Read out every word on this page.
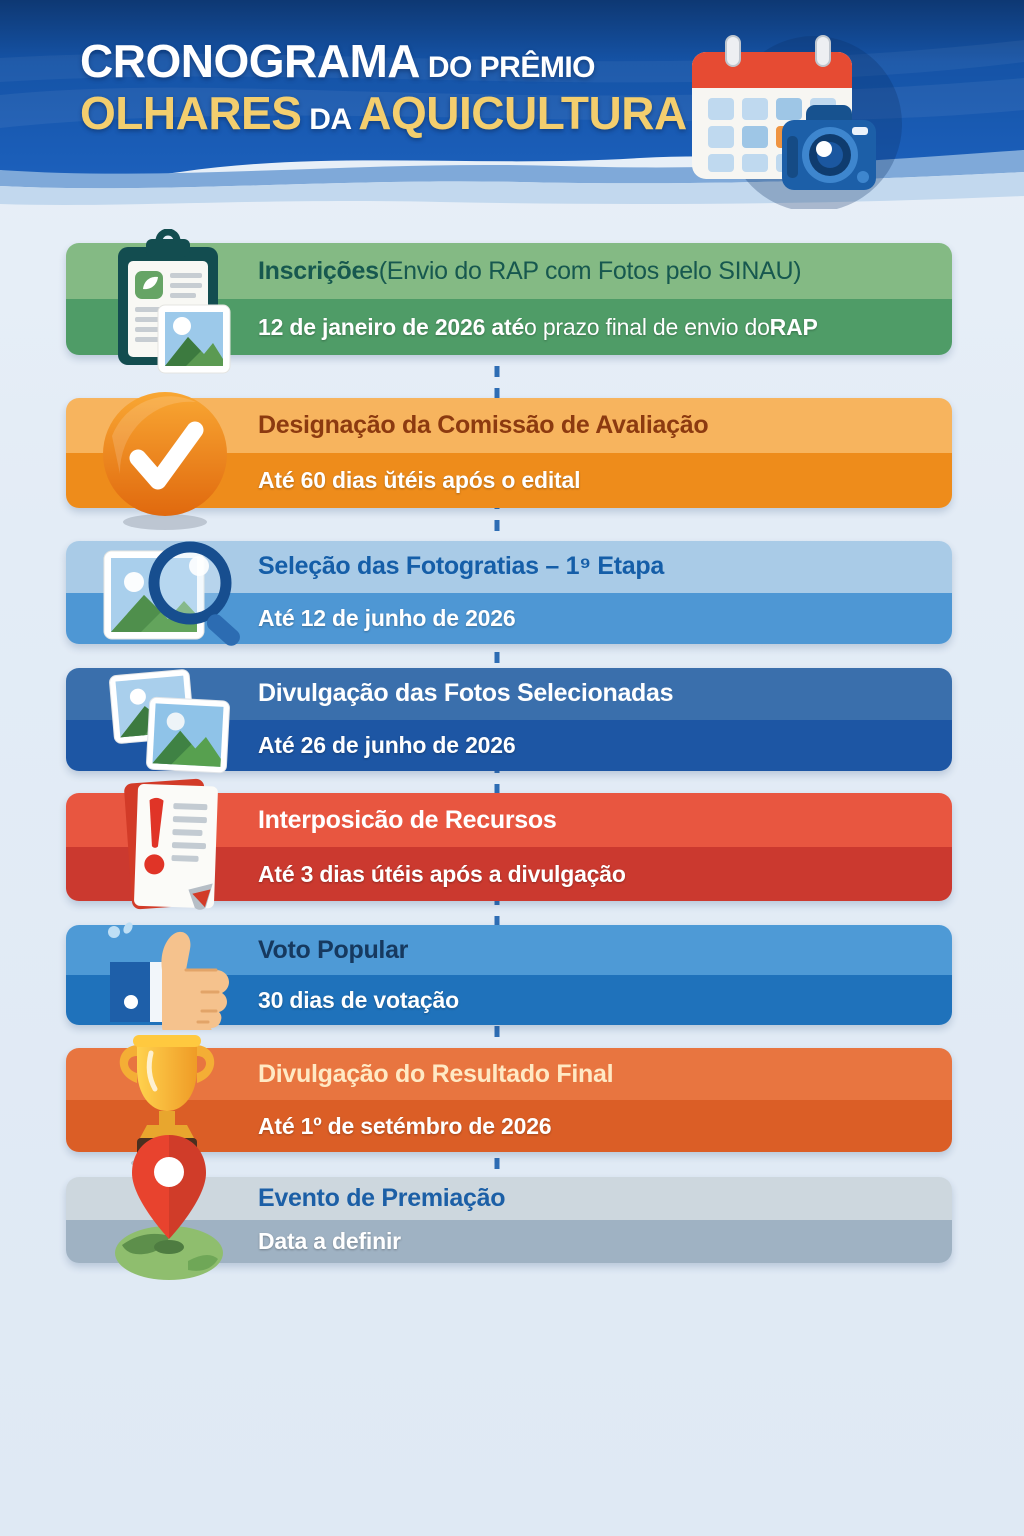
CRONOGRAMA DO PRÊMIO
OLHARES DA AQUICULTURA
Inscrições (Envio do RAP com Fotos pelo SINAU)
12 de janeiro de 2026 até o prazo final de envio do RAP
Designação da Comissão de Avaliação
Até 60 dias ŭtéis após o edital
Seleção das Fotogratias – 1⁹ Etapa
Até 12 de junho de 2026
Divulgação das Fotos Selecionadas
Até 26 de junho de 2026
Interposicão de Recursos
Até 3 dias útéis após a divulgação
Voto Popular
30 dias de votação
Divulgação do Resultado Final
Até 1º de setémbro de 2026
Evento de Premiação
Data a definir
